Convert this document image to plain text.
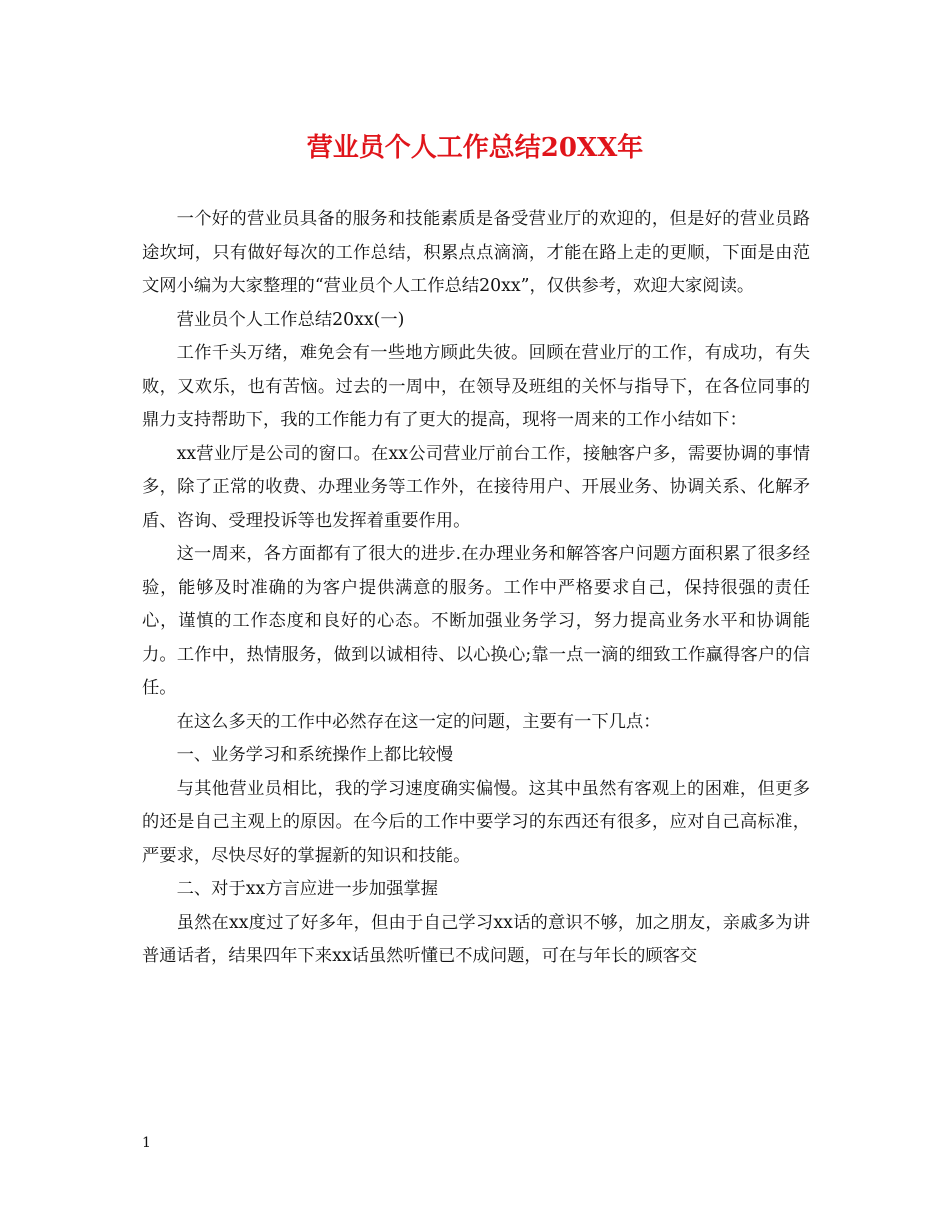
营业员个人工作总结20XX年

一个好的营业员具备的服务和技能素质是备受营业厅的欢迎的，但是好的营业员路途坎坷，只有做好每次的工作总结，积累点点滴滴，才能在路上走的更顺，下面是由范文网小编为大家整理的“营业员个人工作总结20xx”，仅供参考，欢迎大家阅读。

营业员个人工作总结20xx(一)

工作千头万绪，难免会有一些地方顾此失彼。回顾在营业厅的工作，有成功，有失败，又欢乐，也有苦恼。过去的一周中，在领导及班组的关怀与指导下，在各位同事的鼎力支持帮助下，我的工作能力有了更大的提高，现将一周来的工作小结如下：

xx营业厅是公司的窗口。在xx公司营业厅前台工作，接触客户多，需要协调的事情多，除了正常的收费、办理业务等工作外，在接待用户、开展业务、协调关系、化解矛盾、咨询、受理投诉等也发挥着重要作用。

这一周来，各方面都有了很大的进步.在办理业务和解答客户问题方面积累了很多经验，能够及时准确的为客户提供满意的服务。工作中严格要求自己，保持很强的责任心，谨慎的工作态度和良好的心态。不断加强业务学习，努力提高业务水平和协调能力。工作中，热情服务，做到以诚相待、以心换心;靠一点一滴的细致工作赢得客户的信任。

在这么多天的工作中必然存在这一定的问题，主要有一下几点：

一、业务学习和系统操作上都比较慢

与其他营业员相比，我的学习速度确实偏慢。这其中虽然有客观上的困难，但更多的还是自己主观上的原因。在今后的工作中要学习的东西还有很多，应对自己高标准，严要求，尽快尽好的掌握新的知识和技能。

二、对于xx方言应进一步加强掌握

虽然在xx度过了好多年，但由于自己学习xx话的意识不够，加之朋友，亲戚多为讲普通话者，结果四年下来xx话虽然听懂已不成问题，可在与年长的顾客交

1
